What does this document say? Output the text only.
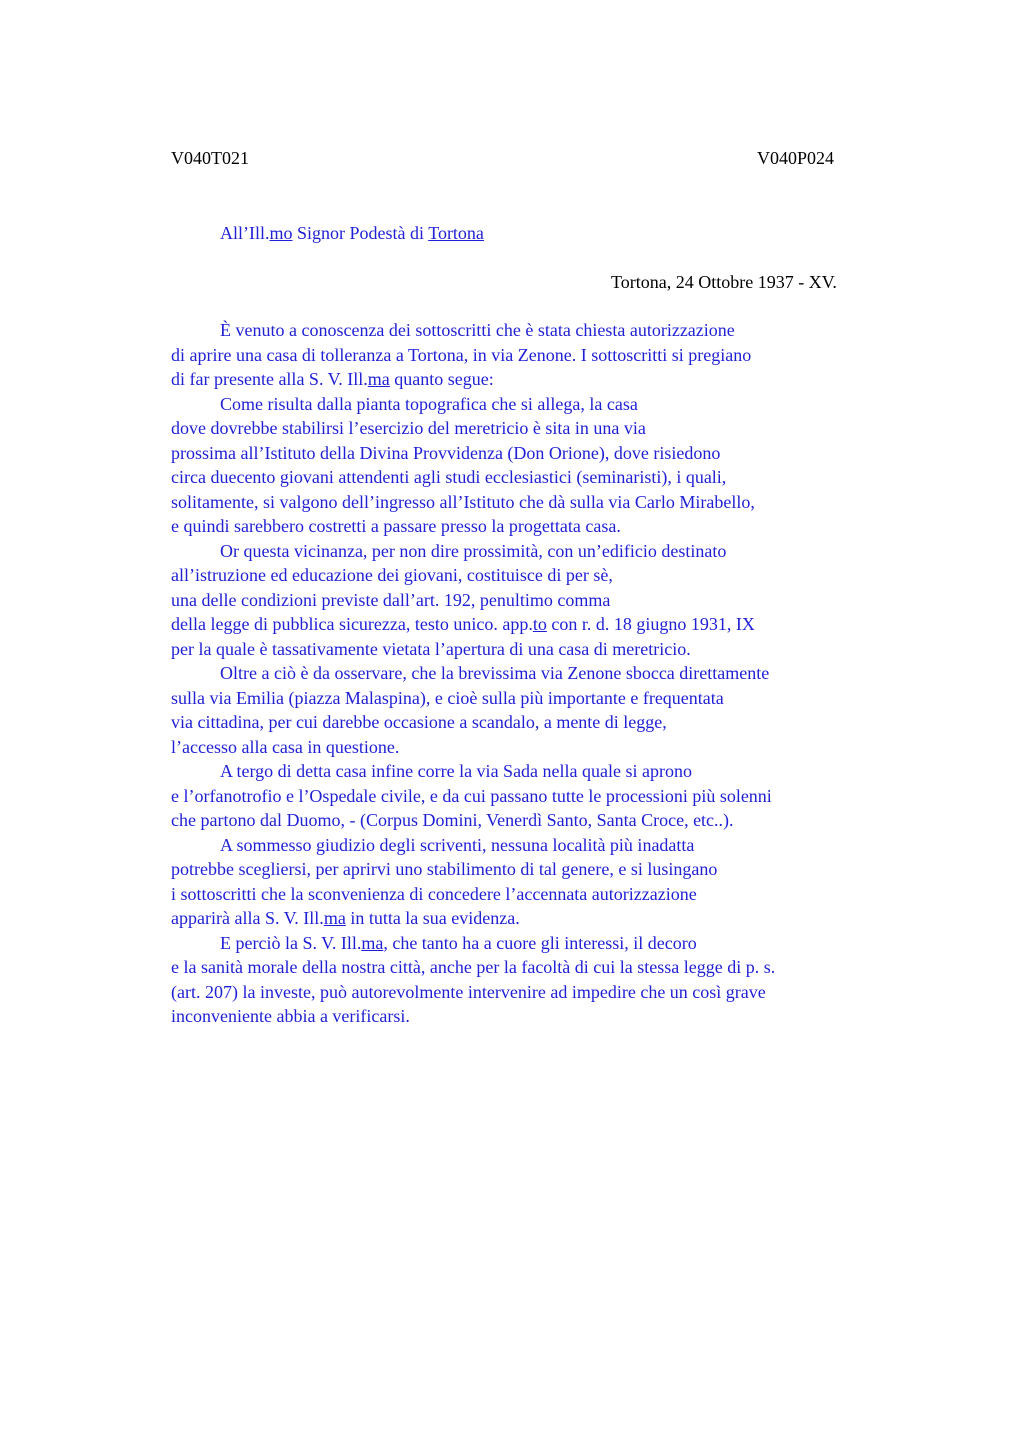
V040T021	V040P024
All’Ill.mo Signor Podestà di Tortona
Tortona, 24 Ottobre 1937 - XV.
È venuto a conoscenza dei sottoscritti che è stata chiesta autorizzazione
di aprire una casa di tolleranza a Tortona, in via Zenone. I sottoscritti si pregiano
di far presente alla S. V. Ill.ma quanto segue:
Come risulta dalla pianta topografica che si allega, la casa
dove dovrebbe stabilirsi l’esercizio del meretricio è sita in una via
prossima all’Istituto della Divina Provvidenza (Don Orione), dove risiedono
circa duecento giovani attendenti agli studi ecclesiastici (seminaristi), i quali,
solitamente, si valgono dell’ingresso all’Istituto che dà sulla via Carlo Mirabello,
e quindi sarebbero costretti a passare presso la progettata casa.
Or questa vicinanza, per non dire prossimità, con un’edificio destinato
all’istruzione ed educazione dei giovani, costituisce di per sè,
una delle condizioni previste dall’art. 192, penultimo comma
della legge di pubblica sicurezza, testo unico. app.to con r. d. 18 giugno 1931, IX
per la quale è tassativamente vietata l’apertura di una casa di meretricio.
Oltre a ciò è da osservare, che la brevissima via Zenone sbocca direttamente
sulla via Emilia (piazza Malaspina), e cioè sulla più importante e frequentata
via cittadina, per cui darebbe occasione a scandalo, a mente di legge,
l’accesso alla casa in questione.
A tergo di detta casa infine corre la via Sada nella quale si aprono
e l’orfanotrofio e l’Ospedale civile, e da cui passano tutte le processioni più solenni
che partono dal Duomo, - (Corpus Domini, Venerdì Santo, Santa Croce, etc..).
A sommesso giudizio degli scriventi, nessuna località più inadatta
potrebbe scegliersi, per aprirvi uno stabilimento di tal genere, e si lusingano
i sottoscritti che la sconvenienza di concedere l’accennata autorizzazione
apparirà alla S. V. Ill.ma in tutta la sua evidenza.
E perciò la S. V. Ill.ma, che tanto ha a cuore gli interessi, il decoro
e la sanità morale della nostra città, anche per la facoltà di cui la stessa legge di p. s.
(art. 207) la investe, può autorevolmente intervenire ad impedire che un così grave
inconveniente abbia a verificarsi.
